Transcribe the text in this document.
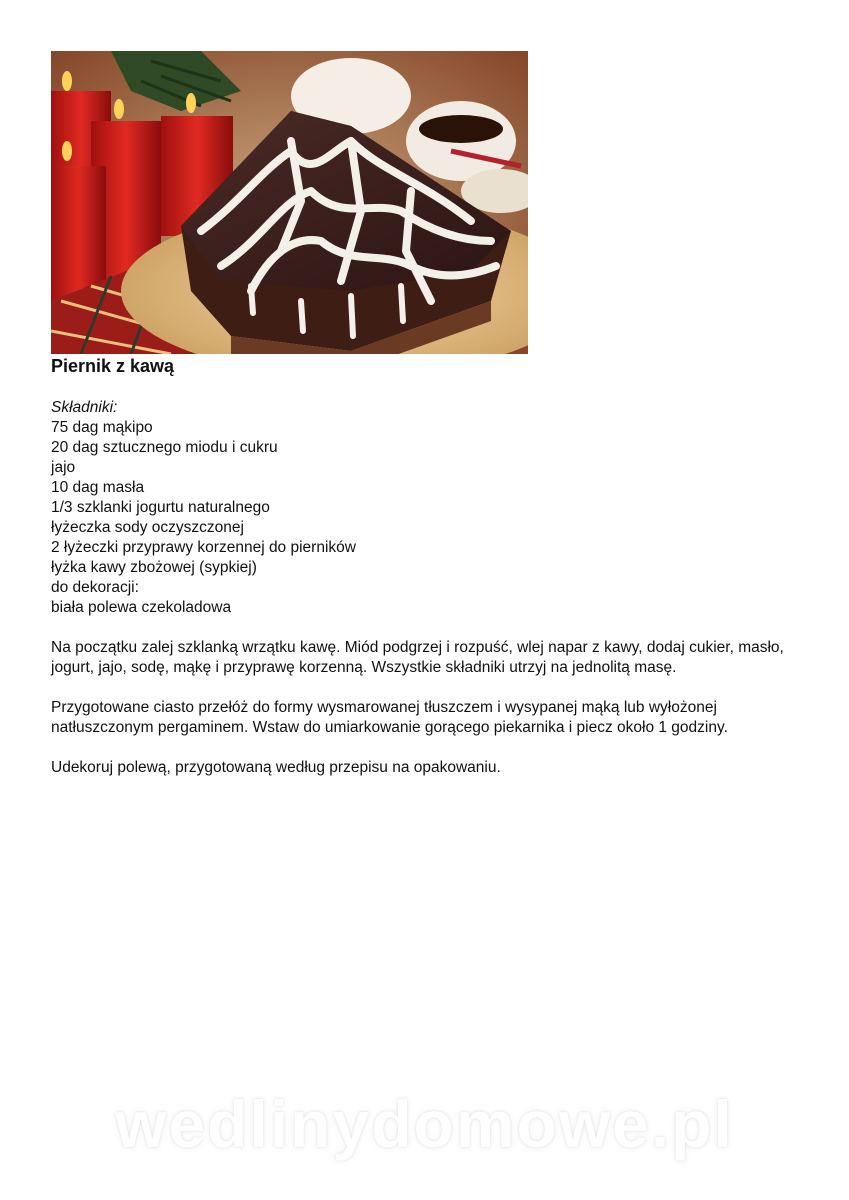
Piernik z kawą
Składniki:
75 dag mąkipo
20 dag sztucznego miodu i cukru
jajo
10 dag masła
1/3 szklanki jogurtu naturalnego
łyżeczka sody oczyszczonej
2 łyżeczki przyprawy korzennej do pierników
łyżka kawy zbożowej (sypkiej)
do dekoracji:
biała polewa czekoladowa

Na początku zalej szklanką wrzątku kawę. Miód podgrzej i rozpuść, wlej napar z kawy, dodaj cukier, masło, jogurt, jajo, sodę, mąkę i przyprawę korzenną. Wszystkie składniki utrzyj na jednolitą masę.

Przygotowane ciasto przełóż do formy wysmarowanej tłuszczem i wysypanej mąką lub wyłożonej natłuszczonym pergaminem. Wstaw do umiarkowanie gorącego piekarnika i piecz około 1 godziny.

Udekoruj polewą, przygotowaną według przepisu na opakowaniu.

wedlinydomowe.pl
